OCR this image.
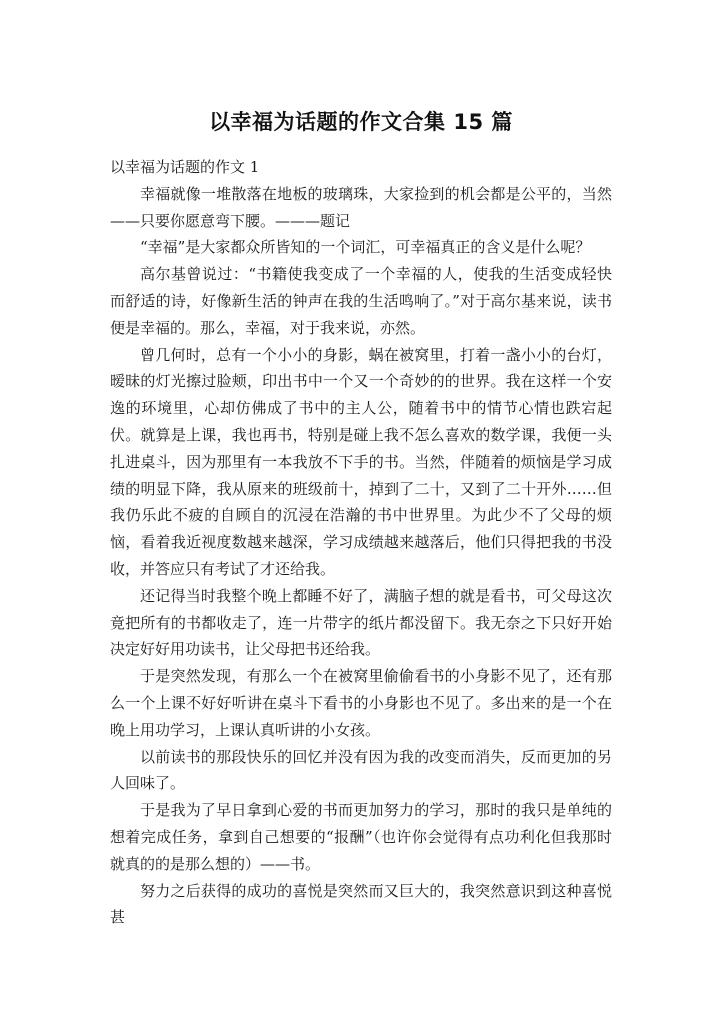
以幸福为话题的作文合集 15 篇

以幸福为话题的作文 1

幸福就像一堆散落在地板的玻璃珠，大家捡到的机会都是公平的，当然——只要你愿意弯下腰。———题记

“幸福”是大家都众所皆知的一个词汇，可幸福真正的含义是什么呢？

高尔基曾说过：“书籍使我变成了一个幸福的人，使我的生活变成轻快而舒适的诗，好像新生活的钟声在我的生活鸣响了。”对于高尔基来说，读书便是幸福的。那么，幸福，对于我来说，亦然。

曾几何时，总有一个小小的身影，蜗在被窝里，打着一盏小小的台灯，暧昧的灯光擦过脸颊，印出书中一个又一个奇妙的的世界。我在这样一个安逸的环境里，心却仿佛成了书中的主人公，随着书中的情节心情也跌宕起伏。就算是上课，我也再书，特别是碰上我不怎么喜欢的数学课，我便一头扎进桌斗，因为那里有一本我放不下手的书。当然，伴随着的烦恼是学习成绩的明显下降，我从原来的班级前十，掉到了二十，又到了二十开外……但我仍乐此不疲的自顾自的沉浸在浩瀚的书中世界里。为此少不了父母的烦恼，看着我近视度数越来越深，学习成绩越来越落后，他们只得把我的书没收，并答应只有考试了才还给我。

还记得当时我整个晚上都睡不好了，满脑子想的就是看书，可父母这次竟把所有的书都收走了，连一片带字的纸片都没留下。我无奈之下只好开始决定好好用功读书，让父母把书还给我。

于是突然发现，有那么一个在被窝里偷偷看书的小身影不见了，还有那么一个上课不好好听讲在桌斗下看书的小身影也不见了。多出来的是一个在晚上用功学习，上课认真听讲的小女孩。

以前读书的那段快乐的回忆并没有因为我的改变而消失，反而更加的另人回味了。

于是我为了早日拿到心爱的书而更加努力的学习，那时的我只是单纯的想着完成任务，拿到自己想要的“报酬”（也许你会觉得有点功利化但我那时就真的的是那么想的）——书。

努力之后获得的成功的喜悦是突然而又巨大的，我突然意识到这种喜悦甚
